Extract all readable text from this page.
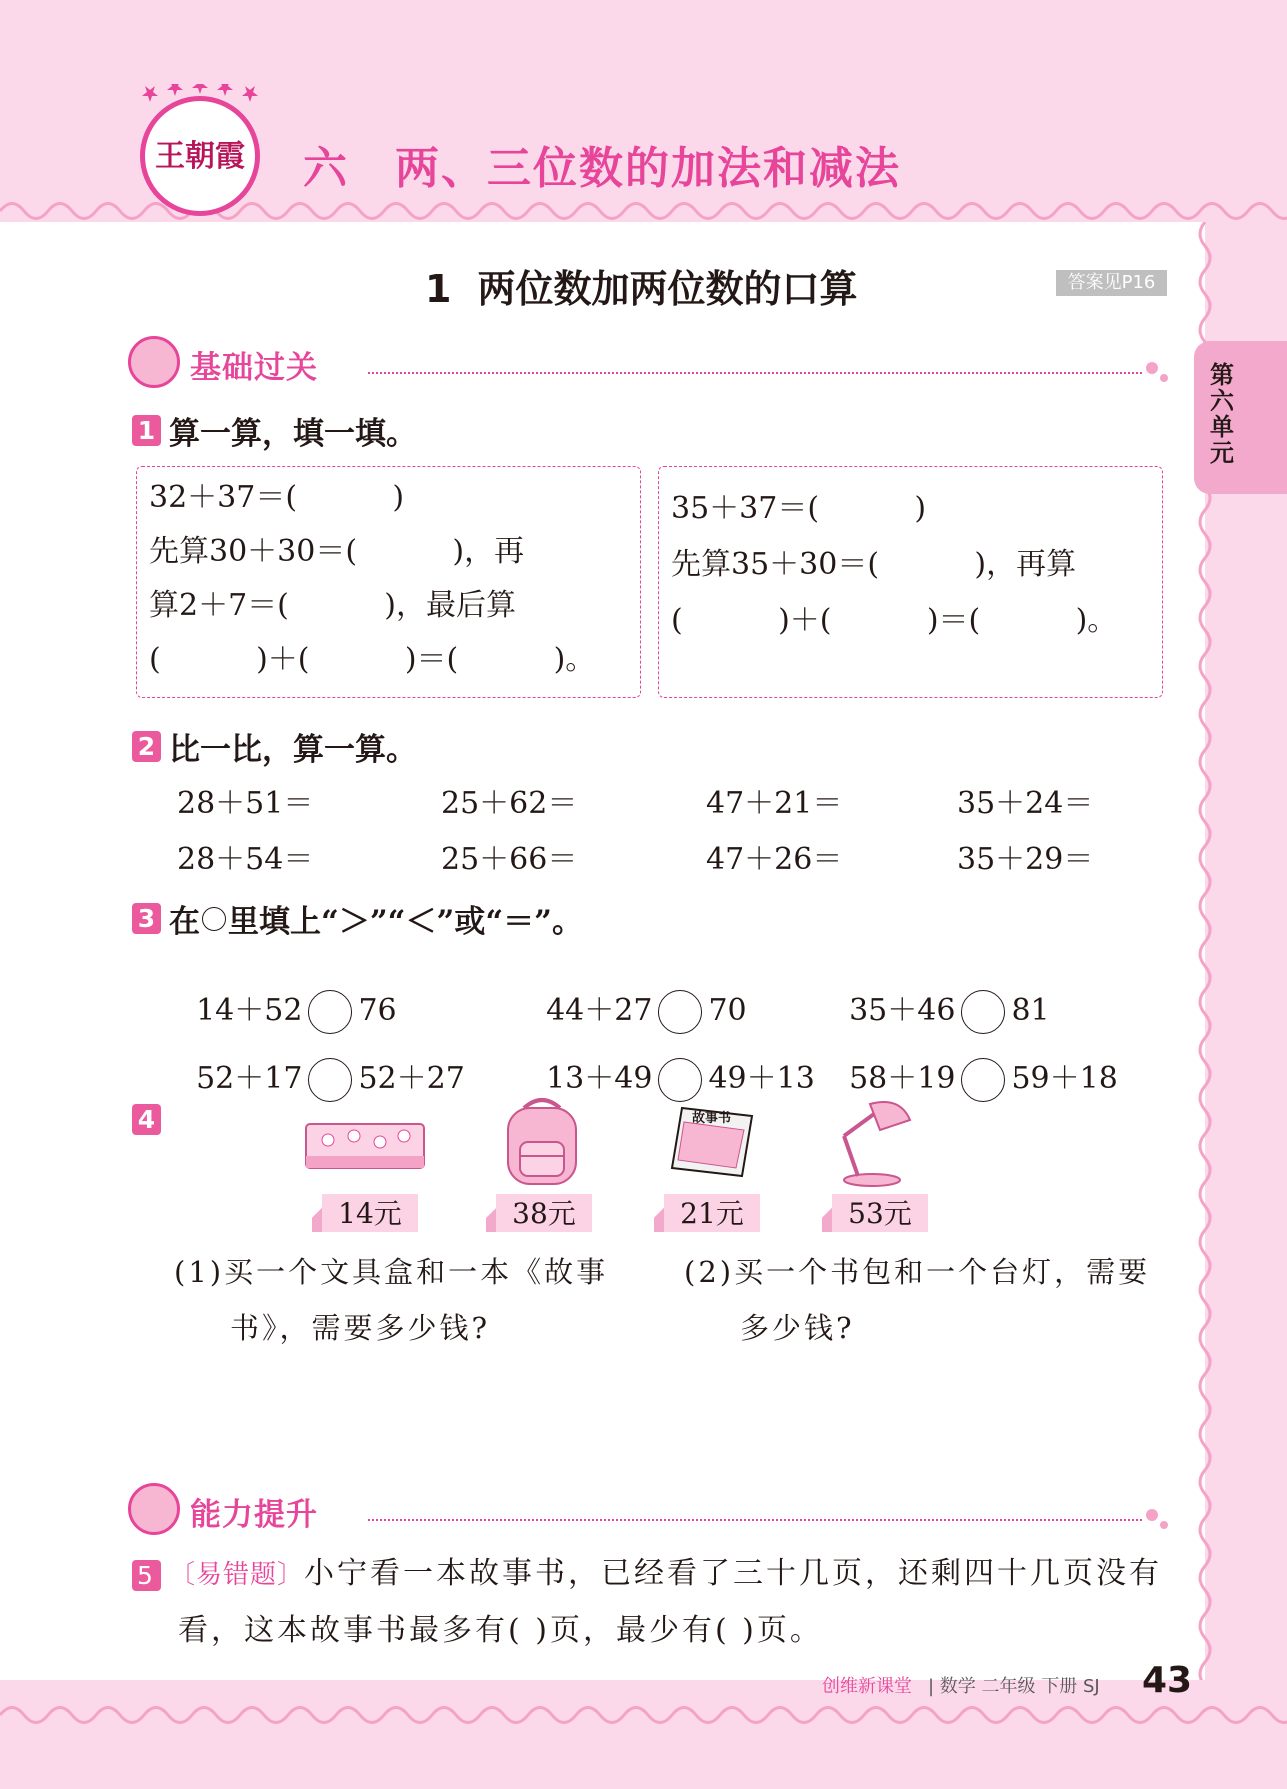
王朝霞 六 两、三位数的加法和减法
1 两位数加两位数的口算	答案见P16
第六单元
基础过关
1 算一算，填一填。
32＋37＝(          )
先算30＋30＝(          )，再
算2＋7＝(          )，最后算
(          )＋(          )＝(          )。
35＋37＝(          )
先算35＋30＝(          )，再算
(          )＋(          )＝(          )。
2 比一比，算一算。
28＋51＝	25＋62＝	47＋21＝	35＋24＝
28＋54＝	25＋66＝	47＋26＝	35＋29＝
3 在 里填上“＞”“＜”或“＝”。

14＋52 76	44＋27 70	35＋46 81

52＋17 52＋27	13＋49 49＋13	58＋19 59＋18

4	故事书
14元	38元	21元	53元
(1)买一个文具盒和一本《故事
书》，需要多少钱?
(2)买一个书包和一个台灯，需要
多少钱?
能力提升
5 〔易错题〕小宁看一本故事书，已经看了三十几页，还剩四十几页没有
看，这本故事书最多有( )页，最少有( )页。
创维新课堂 | 数学 二年级 下册 SJ 43
